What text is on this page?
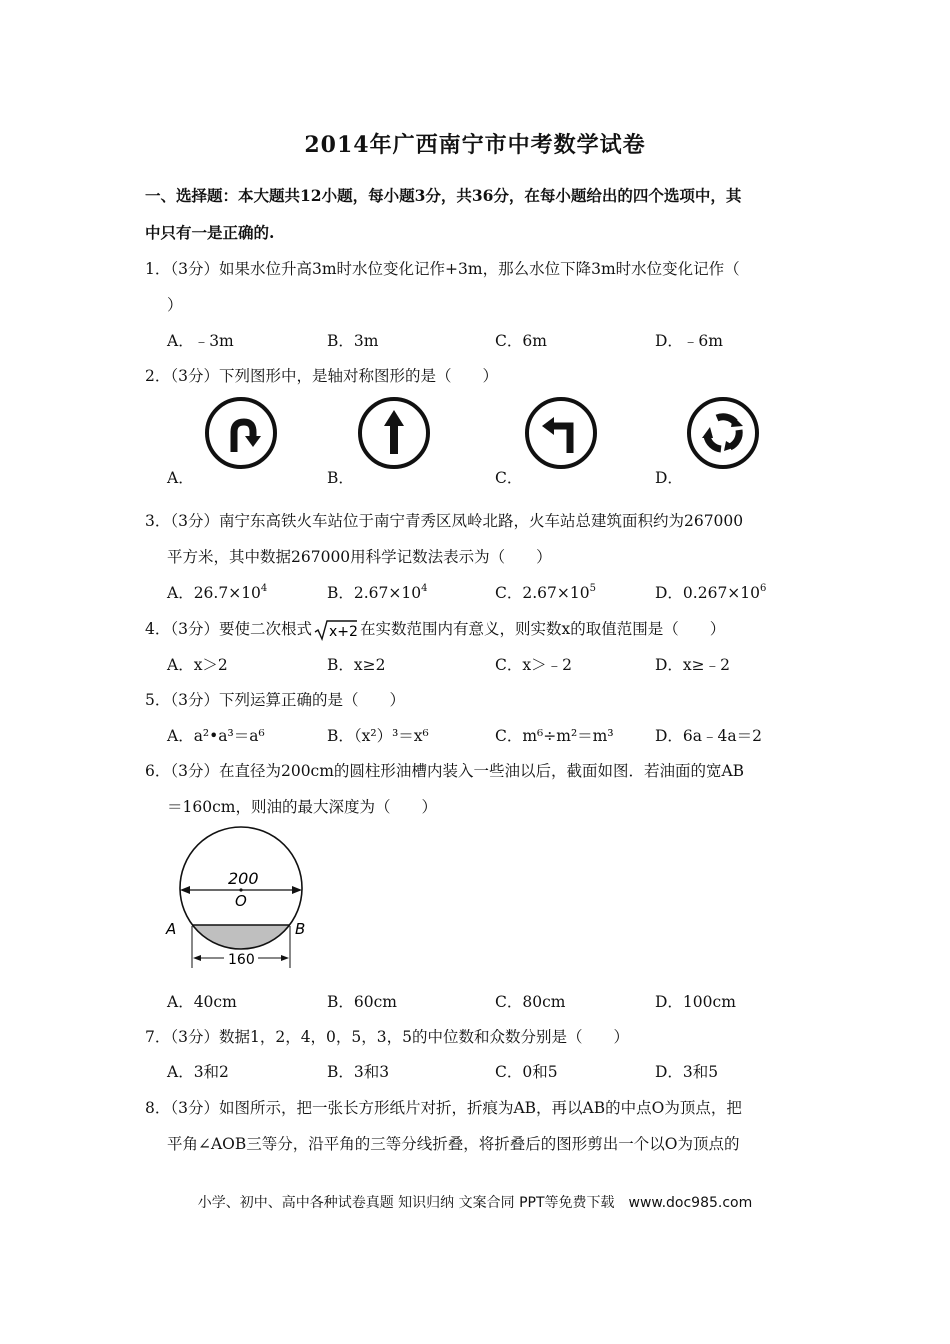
2014年广西南宁市中考数学试卷
一、选择题：本大题共12小题，每小题3分，共36分，在每小题给出的四个选项中，其
中只有一是正确的.
1．（3分）如果水位升高3m时水位变化记作+3m，那么水位下降3m时水位变化记作（
）
A．﹣3m	B．3m	C．6m	D．﹣6m
2．（3分）下列图形中，是轴对称图形的是（　　）
A．	B．	C．	D．
3．（3分）南宁东高铁火车站位于南宁青秀区凤岭北路，火车站总建筑面积约为267000
平方米，其中数据267000用科学记数法表示为（　　）
A．$26.7\times 10^4$	B．$2.67\times 10^4$	C．$2.67\times 10^5$	D．$0.267\times 10^6$
4．（3分）要使二次根式 x+2 在实数范围内有意义，则实数x的取值范围是（　　）
A．x＞2	B．x≥2	C．x＞﹣2	D．x≥﹣2
5．（3分）下列运算正确的是（　　）
A．a²•a³＝a⁶	B．（x²）³＝x⁶	C．m⁶÷m²＝m³	D．6a﹣4a＝2
6．（3分）在直径为200cm的圆柱形油槽内装入一些油以后，截面如图．若油面的宽AB
＝160cm，则油的最大深度为（　　）
200
O
A	B
160
A．40cm	B．60cm	C．80cm	D．100cm
7．（3分）数据1，2，4，0，5，3，5的中位数和众数分别是（　　）
A．3和2	B．3和3	C．0和5	D．3和5
8．（3分）如图所示，把一张长方形纸片对折，折痕为AB，再以AB的中点O为顶点，把
平角∠AOB三等分，沿平角的三等分线折叠，将折叠后的图形剪出一个以O为顶点的
小学、初中、高中各种试卷真题 知识归纳 文案合同 PPT等免费下载　www.doc985.com
